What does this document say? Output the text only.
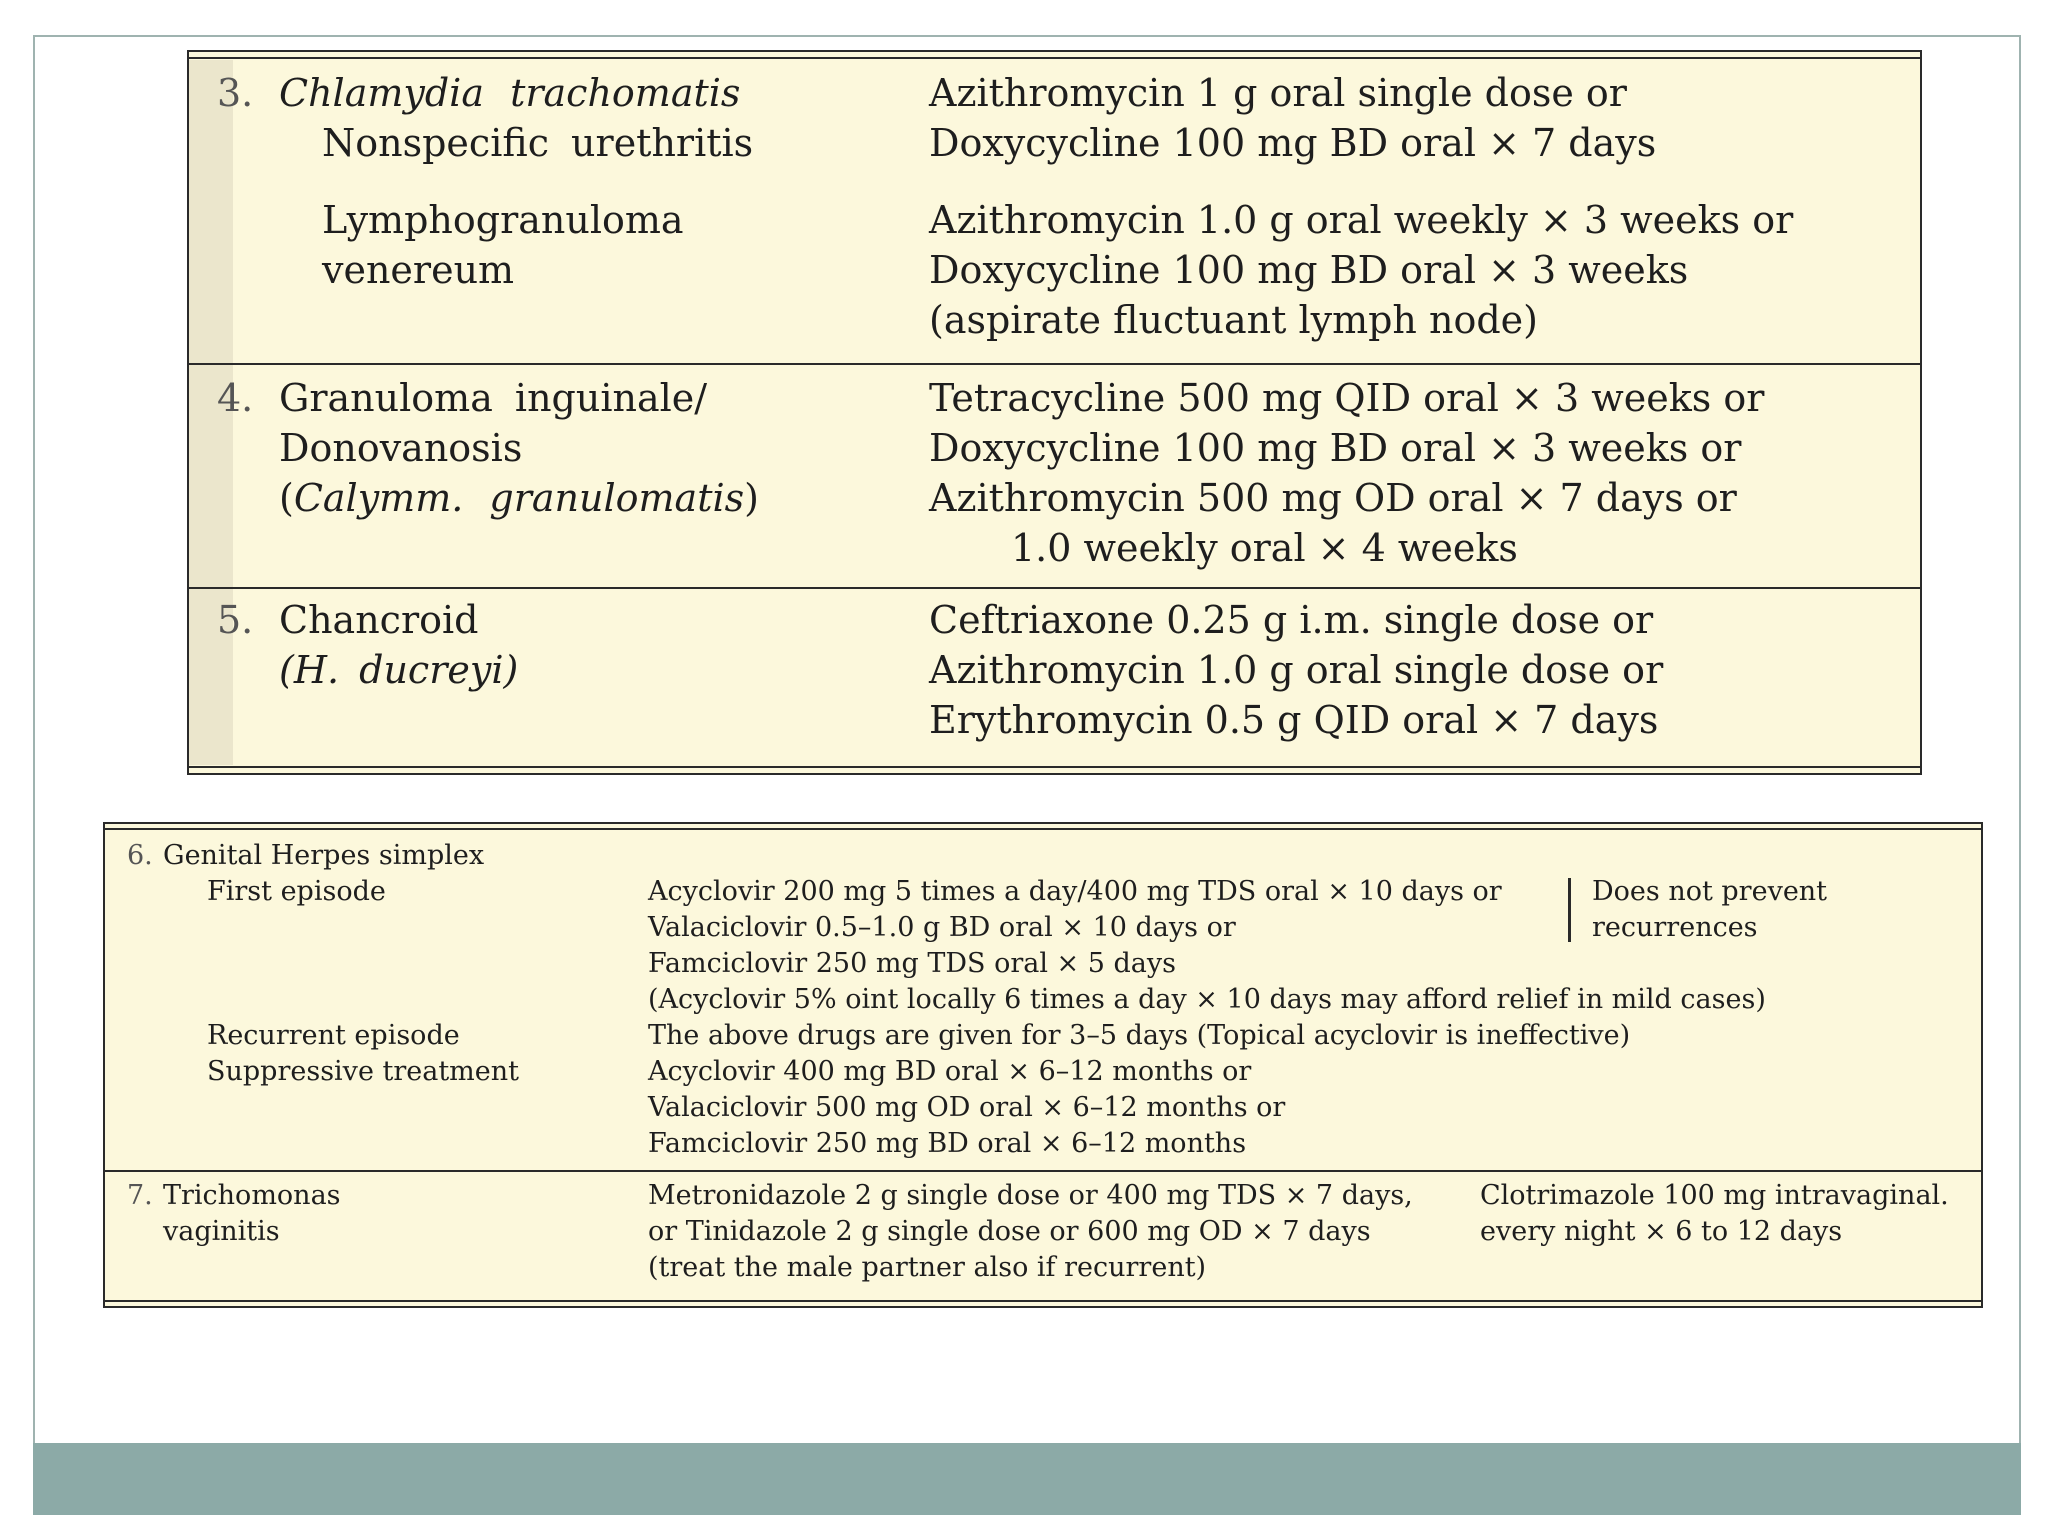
3. Chlamydia trachomatis
Nonspecific urethritis
Azithromycin 1 g oral single dose or
Doxycycline 100 mg BD oral × 7 days
Lymphogranuloma
venereum
Azithromycin 1.0 g oral weekly × 3 weeks or
Doxycycline 100 mg BD oral × 3 weeks
(aspirate fluctuant lymph node)
4. Granuloma inguinale/
Donovanosis
(Calymm. granulomatis)
Tetracycline 500 mg QID oral × 3 weeks or
Doxycycline 100 mg BD oral × 3 weeks or
Azithromycin 500 mg OD oral × 7 days or
1.0 weekly oral × 4 weeks
5. Chancroid
(H. ducreyi)
Ceftriaxone 0.25 g i.m. single dose or
Azithromycin 1.0 g oral single dose or
Erythromycin 0.5 g QID oral × 7 days
6. Genital Herpes simplex
First episode
Recurrent episode
Suppressive treatment
Acyclovir 200 mg 5 times a day/400 mg TDS oral × 10 days or
Valaciclovir 0.5–1.0 g BD oral × 10 days or
Famciclovir 250 mg TDS oral × 5 days
(Acyclovir 5% oint locally 6 times a day × 10 days may afford relief in mild cases)
The above drugs are given for 3–5 days (Topical acyclovir is ineffective)
Acyclovir 400 mg BD oral × 6–12 months or
Valaciclovir 500 mg OD oral × 6–12 months or
Famciclovir 250 mg BD oral × 6–12 months
Does not prevent
recurrences
7. Trichomonas
vaginitis
Metronidazole 2 g single dose or 400 mg TDS × 7 days,
or Tinidazole 2 g single dose or 600 mg OD × 7 days
(treat the male partner also if recurrent)
Clotrimazole 100 mg intravaginal.
every night × 6 to 12 days
